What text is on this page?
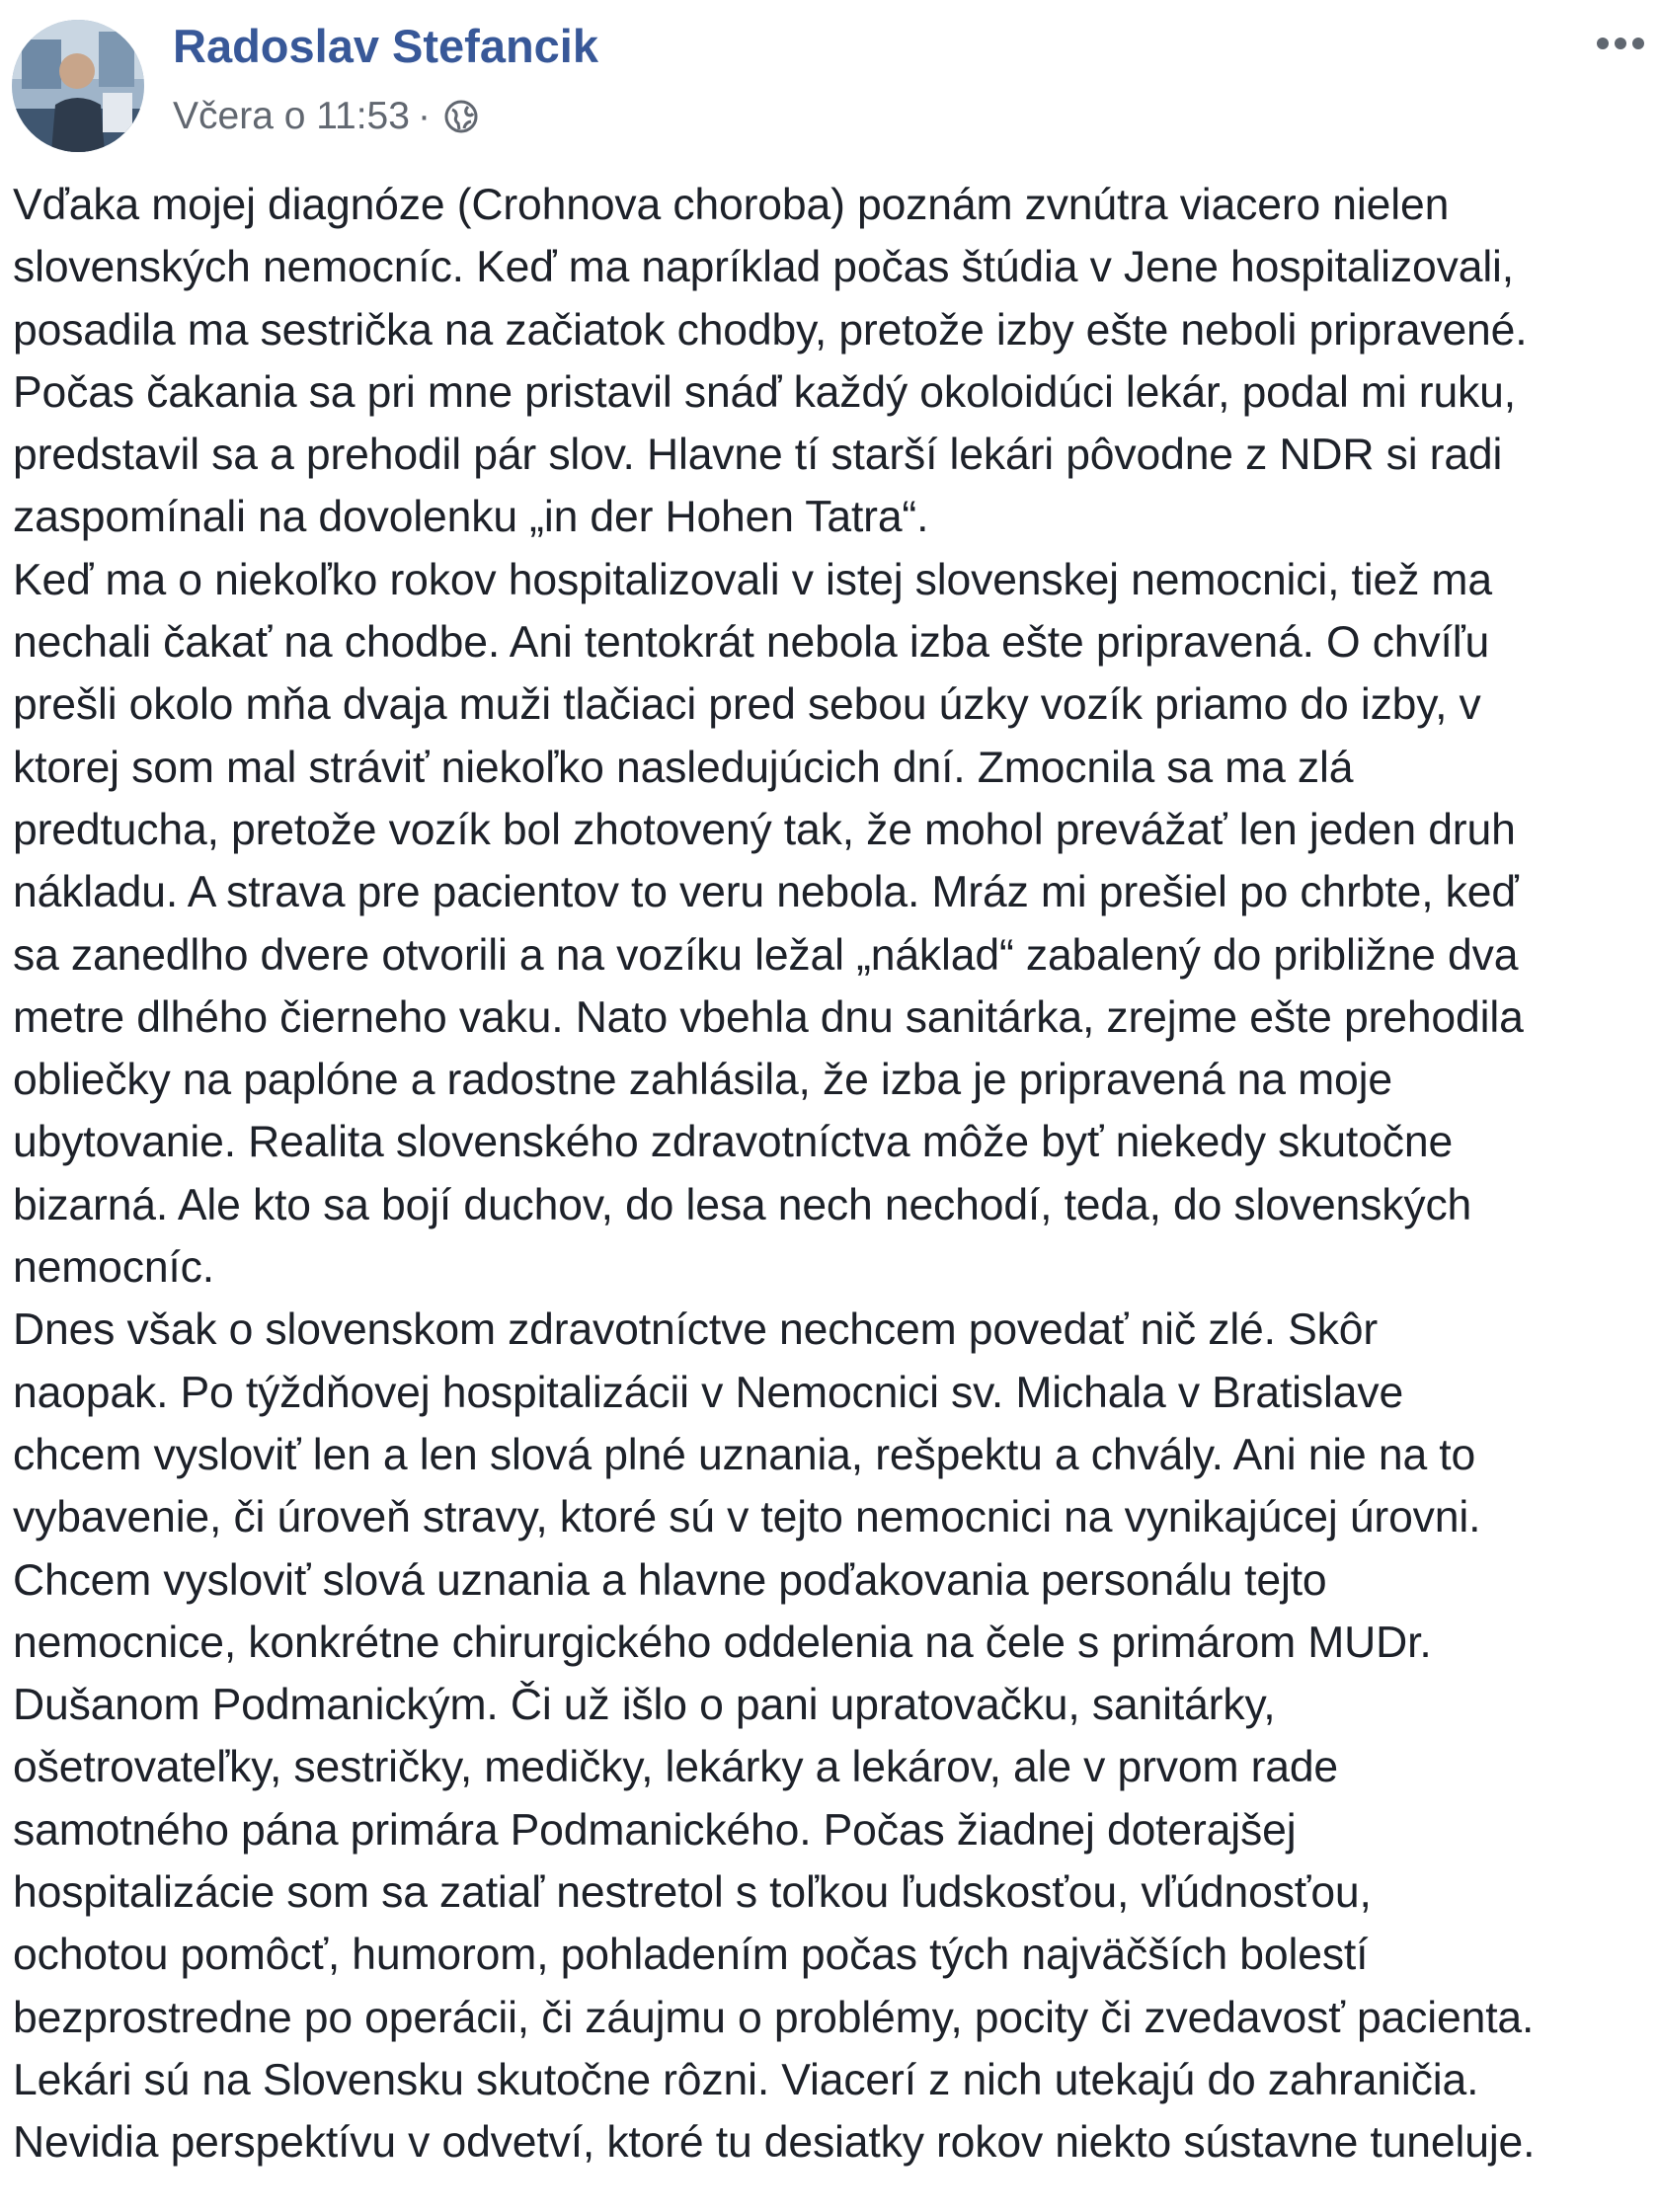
Radoslav Stefancik
Včera o 11:53 ·
Vďaka mojej diagnóze (Crohnova choroba) poznám zvnútra viacero nielen
slovenských nemocníc. Keď ma napríklad počas štúdia v Jene hospitalizovali,
posadila ma sestrička na začiatok chodby, pretože izby ešte neboli pripravené.
Počas čakania sa pri mne pristavil snáď každý okoloidúci lekár, podal mi ruku,
predstavil sa a prehodil pár slov. Hlavne tí starší lekári pôvodne z NDR si radi
zaspomínali na dovolenku „in der Hohen Tatra“.
Keď ma o niekoľko rokov hospitalizovali v istej slovenskej nemocnici, tiež ma
nechali čakať na chodbe. Ani tentokrát nebola izba ešte pripravená. O chvíľu
prešli okolo mňa dvaja muži tlačiaci pred sebou úzky vozík priamo do izby, v
ktorej som mal stráviť niekoľko nasledujúcich dní. Zmocnila sa ma zlá
predtucha, pretože vozík bol zhotovený tak, že mohol prevážať len jeden druh
nákladu. A strava pre pacientov to veru nebola. Mráz mi prešiel po chrbte, keď
sa zanedlho dvere otvorili a na vozíku ležal „náklad“ zabalený do približne dva
metre dlhého čierneho vaku. Nato vbehla dnu sanitárka, zrejme ešte prehodila
obliečky na paplóne a radostne zahlásila, že izba je pripravená na moje
ubytovanie. Realita slovenského zdravotníctva môže byť niekedy skutočne
bizarná. Ale kto sa bojí duchov, do lesa nech nechodí, teda, do slovenských
nemocníc.
Dnes však o slovenskom zdravotníctve nechcem povedať nič zlé. Skôr
naopak. Po týždňovej hospitalizácii v Nemocnici sv. Michala v Bratislave
chcem vysloviť len a len slová plné uznania, rešpektu a chvály. Ani nie na to
vybavenie, či úroveň stravy, ktoré sú v tejto nemocnici na vynikajúcej úrovni.
Chcem vysloviť slová uznania a hlavne poďakovania personálu tejto
nemocnice, konkrétne chirurgického oddelenia na čele s primárom MUDr.
Dušanom Podmanickým. Či už išlo o pani upratovačku, sanitárky,
ošetrovateľky, sestričky, medičky, lekárky a lekárov, ale v prvom rade
samotného pána primára Podmanického. Počas žiadnej doterajšej
hospitalizácie som sa zatiaľ nestretol s toľkou ľudskosťou, vľúdnosťou,
ochotou pomôcť, humorom, pohladením počas tých najväčších bolestí
bezprostredne po operácii, či záujmu o problémy, pocity či zvedavosť pacienta.
Lekári sú na Slovensku skutočne rôzni. Viacerí z nich utekajú do zahraničia.
Nevidia perspektívu v odvetví, ktoré tu desiatky rokov niekto sústavne tuneluje.
